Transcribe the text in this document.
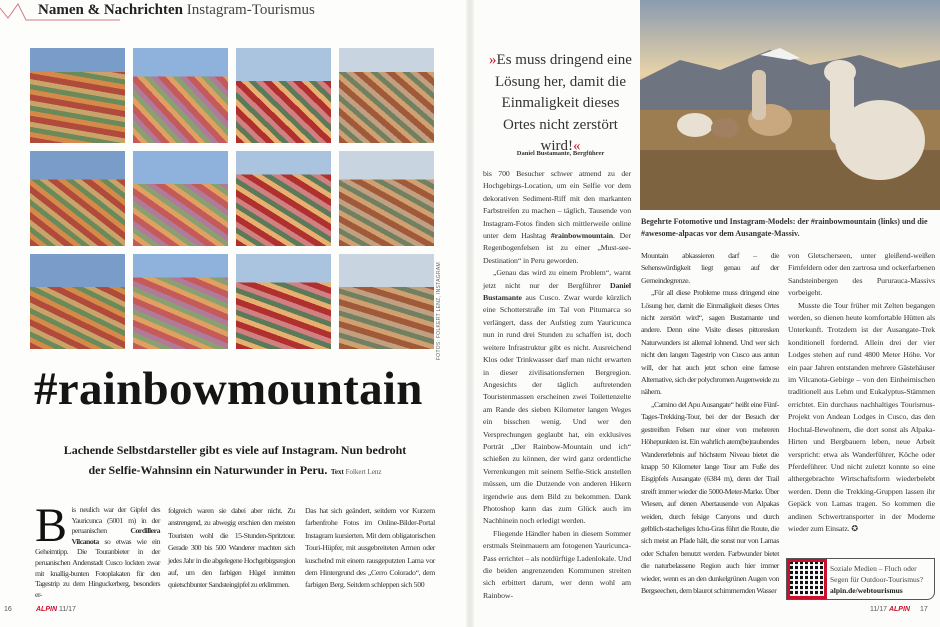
Namen & Nachrichten Instagram-Tourismus
FOTOS: FOLKERT LENZ, INSTAGRAM
#rainbowmountain
Lachende Selbstdarsteller gibt es viele auf Instagram. Nun bedroht
der Selfie-Wahnsinn ein Naturwunder in Peru. Text Folkert Lenz
B is neulich war der Gipfel des Yauricunca (5001 m) in der peruanischen Cordillera Vilcanota so etwas wie ein Geheimtipp. Die Touranbieter in der peruanischen Andenstadt Cusco lockten zwar mit knallig-bunten Fotoplakaten für den Tagestrip zu dem Hinguckerberg, besonders er-

folgreich waren sie dabei aber nicht. Zu anstrengend, zu abwegig erschien den meisten Touristen wohl die 15-Stunden-Spritztour. Gerade 300 bis 500 Wanderer machten sich jedes Jahr in die abgelegene Hochgebirgsregion auf, um den farbigen Hügel inmitten quietschbunter Sandsteingipfel zu erklimmen.

Das hat sich geändert, seitdem vor Kurzem farbenfrohe Fotos im Online-Bilder-Portal Instagram kursierten. Mit dem obligatorischen Touri-Hüpfer, mit ausgebreiteten Armen oder kuschelnd mit einem rausgeputzten Lama vor dem Hintergrund des „Cerro Colorado“, dem farbigen Berg. Seitdem schleppen sich 500

16	ALPIN 11/17
»Es muss dringend eine Lösung her, damit die Einmaligkeit dieses Ortes nicht zerstört wird!«
Daniel Bustamante, Bergführer
Begehrte Fotomotive und Instagram-Models: der #rainbowmountain (links) und die #awesome-alpacas vor dem Ausangate-Massiv.

bis 700 Besucher schwer atmend zu der Hochgebirgs-Location, um ein Selfie vor dem dekorativen Sediment-Riff mit den markanten Farbstreifen zu machen – täglich. Tausende von Instagram-Fotos finden sich mittlerweile online unter dem Hashtag #rainbowmountain. Der Regenbogenfelsen ist zu einer „Must-see-Destination“ in Peru geworden.

„Genau das wird zu einem Problem“, warnt jetzt nicht nur der Bergführer Daniel Bustamante aus Cusco. Zwar wurde kürzlich eine Schotterstraße im Tal von Pitumarca so verlängert, dass der Aufstieg zum Yauricunca nun in rund drei Stunden zu schaffen ist, doch weitere Infrastruktur gibt es nicht. Ausreichend Klos oder Trinkwasser darf man nicht erwarten in dieser zivilisationsfernen Bergregion. Angesichts der täglich auftretenden Touristenmassen erscheinen zwei Toilettenzelte am Rande des sieben Kilometer langen Weges ein bisschen wenig. Und wer den Versprechungen geglaubt hat, ein exklusives Porträt „Der Rainbow-Mountain und ich“ schießen zu können, der wird ganz ordentliche Verrenkungen mit seinem Selfie-Stick anstellen müssen, um die Dutzende von anderen Hikern irgendwie aus dem Bild zu bekommen. Dank Photoshop kann das zum Glück auch im Nachhinein noch erledigt werden.

Fliegende Händler haben in diesem Sommer erstmals Steinmauern am fotogenen Yauricunca-Pass errichtet – als notdürftige Ladenlokale. Und die beiden angrenzenden Kommunen streiten sich erbittert darum, wer denn wohl am Rainbow-

Mountain abkassieren darf – die Sehenswürdigkeit liegt genau auf der Gemeindegrenze.

„Für all diese Probleme muss dringend eine Lösung her, damit die Einmaligkeit dieses Ortes nicht zerstört wird“, sagen Bustamante und andere. Denn eine Visite dieses pittoresken Naturwunders ist allemal lohnend. Und wer sich nicht den langen Tagestrip von Cusco aus antun will, der hat auch jetzt schon eine famose Alternative, sich der polychromen Augenweide zu nähern.

„Camino del Apu Ausangate“ heißt eine Fünf-Tages-Trekking-Tour, bei der der Besuch der gestreiften Felsen nur einer von mehreren Höhepunkten ist. Ein wahrlich atem(be)raubendes Wandererlebnis auf höchstem Niveau bietet die knapp 50 Kilometer lange Tour am Fuße des Eisgipfels Ausangate (6384 m), denn der Trail streift immer wieder die 5000-Meter-Marke. Über Wiesen, auf denen Abertausende von Alpakas weiden, durch felsige Canyons und durch gelblich-stacheliges Ichu-Gras führt die Route, die sich meist an Pfade hält, die sonst nur von Lamas oder Schafen benutzt werden. Farbwunder bietet die naturbelassene Region auch hier immer wieder, wenn es an den dunkelgrünen Augen von Bergseechen, dem blaurot schimmernden Wasser

von Gletscherseen, unter gleißend-weißen Firnfeldern oder den zartrosa und ockerfarbenen Sandsteinbergen des Pururauca-Massivs vorbeigeht.

Musste die Tour früher mit Zelten begangen werden, so dienen heute komfortable Hütten als Unterkunft. Trotzdem ist der Ausangate-Trek konditionell fordernd. Allein drei der vier Lodges stehen auf rund 4800 Meter Höhe. Vor ein paar Jahren entstanden mehrere Gästehäuser im Vilcanota-Gebirge – von den Einheimischen traditionell aus Lehm und Eukalyptus-Stämmen errichtet. Ein durchaus nachhaltiges Tourismus-Projekt von Andean Lodges in Cusco, das den Hochtal-Bewohnern, die dort sonst als Alpaka-Hirten und Bergbauern leben, neue Arbeit verspricht: etwa als Wanderführer, Köche oder Pferdeführer. Und nicht zuletzt konnte so eine althergebrachte Wirtschaftsform wiederbelebt werden. Denn die Trekking-Gruppen lassen ihr Gepäck von Lamas tragen. So kommen die andinen Schwertransporter in der Moderne wieder zum Einsatz. ✪

Soziale Medien – Fluch oder
Segen für Outdoor-Tourismus?
alpin.de/webtourismus
11/17 ALPIN 17
